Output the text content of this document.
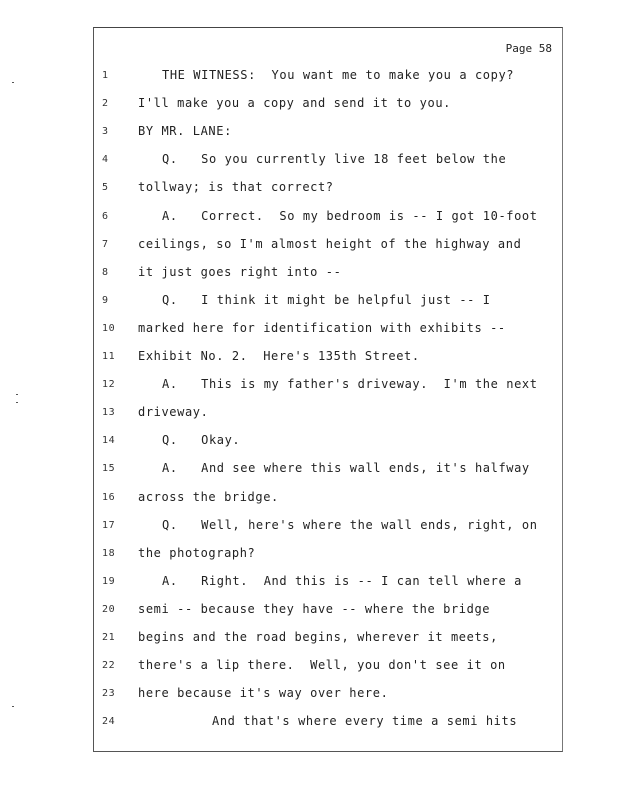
Page 58
1	THE WITNESS:  You want me to make you a copy?
2	I'll make you a copy and send it to you.
3	BY MR. LANE:
4	Q.   So you currently live 18 feet below the
5	tollway; is that correct?
6	A.   Correct.  So my bedroom is -- I got 10-foot
7	ceilings, so I'm almost height of the highway and
8	it just goes right into --
9	Q.   I think it might be helpful just -- I
10	marked here for identification with exhibits --
11	Exhibit No. 2.  Here's 135th Street.
12	A.   This is my father's driveway.  I'm the next
13	driveway.
14	Q.   Okay.
15	A.   And see where this wall ends, it's halfway
16	across the bridge.
17	Q.   Well, here's where the wall ends, right, on
18	the photograph?
19	A.   Right.  And this is -- I can tell where a
20	semi -- because they have -- where the bridge
21	begins and the road begins, wherever it meets,
22	there's a lip there.  Well, you don't see it on
23	here because it's way over here.
24	And that's where every time a semi hits
